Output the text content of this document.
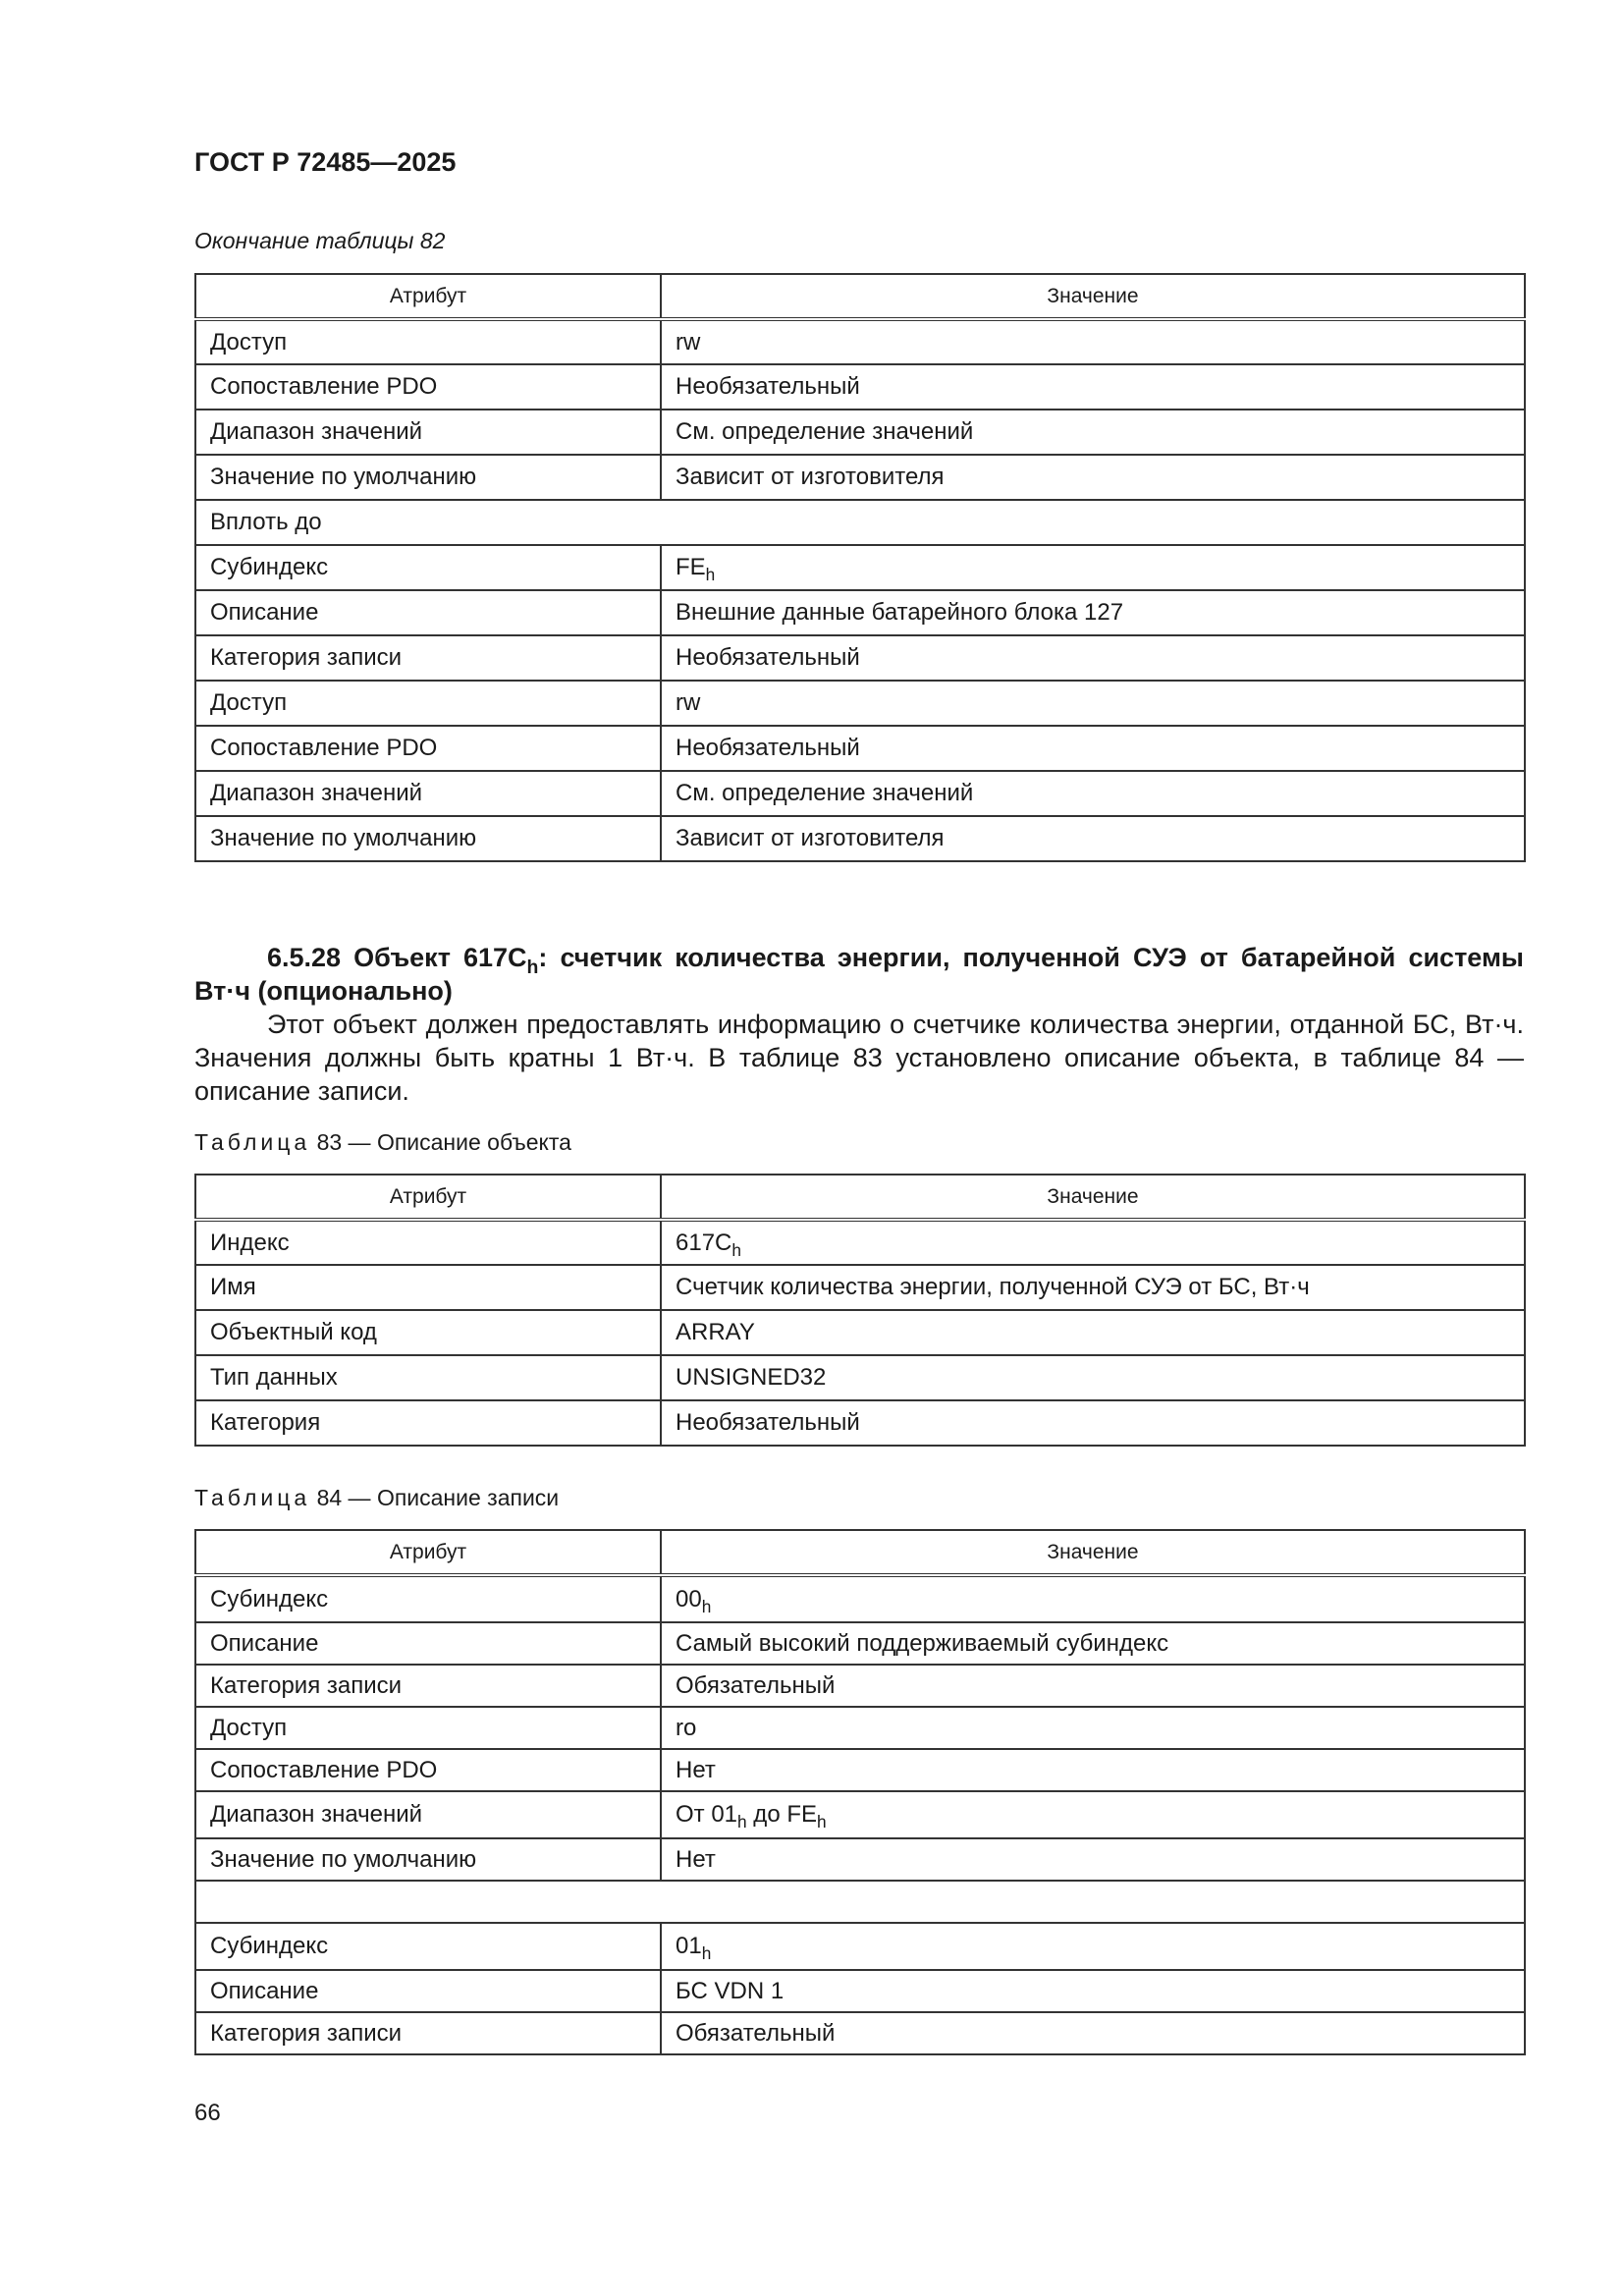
ГОСТ Р 72485—2025
Окончание таблицы 82
Атрибут	Значение
Доступ	rw
Сопоставление PDO	Необязательный
Диапазон значений	См. определение значений
Значение по умолчанию	Зависит от изготовителя
Вплоть до	
Субиндекс	$FE_h$
Описание	Внешние данные батарейного блока 127
Категория записи	Необязательный
Доступ	rw
Сопоставление PDO	Необязательный
Диапазон значений	См. определение значений
Значение по умолчанию	Зависит от изготовителя

6.5.28 Объект $617C_h$: счетчик количества энергии, полученной СУЭ от батарейной системы Вт·ч (опционально)

Этот объект должен предоставлять информацию о счетчике количества энергии, отданной БС, Вт·ч. Значения должны быть кратны 1 Вт·ч. В таблице 83 установлено описание объекта, в таблице 84 — описание записи.

Таблица 83 — Описание объекта
Атрибут	Значение
Индекс	$617C_h$
Имя	Счетчик количества энергии, полученной СУЭ от БС, Вт·ч
Объектный код	ARRAY
Тип данных	UNSIGNED32
Категория	Необязательный
Таблица 84 — Описание записи
Атрибут	Значение
Субиндекс	$00_h$
Описание	Самый высокий поддерживаемый субиндекс
Категория записи	Обязательный
Доступ	ro
Сопоставление PDO	Нет
Диапазон значений	От $01_h$ до $FE_h$
Значение по умолчанию	Нет

Субиндекс	$01_h$
Описание	БС VDN 1
Категория записи	Обязательный
66
